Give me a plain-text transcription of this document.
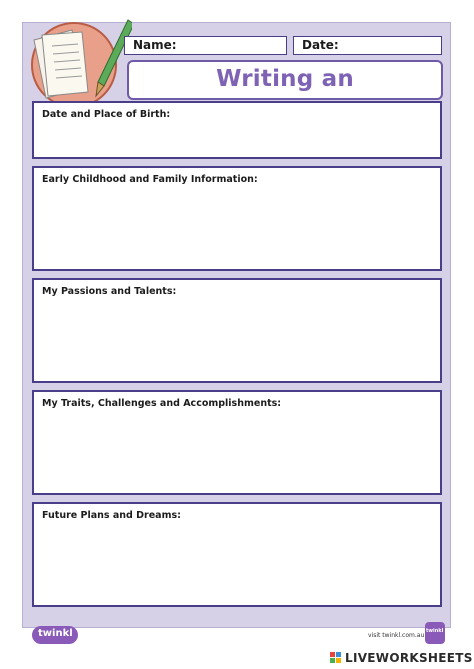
Name:	Date:
Writing an
Date and Place of Birth:
Early Childhood and Family Information:
My Passions and Talents:
My Traits, Challenges and Accomplishments:
Future Plans and Dreams:
twinkl	visit twinkl.com.au
twinkl
LIVEWORKSHEETS
